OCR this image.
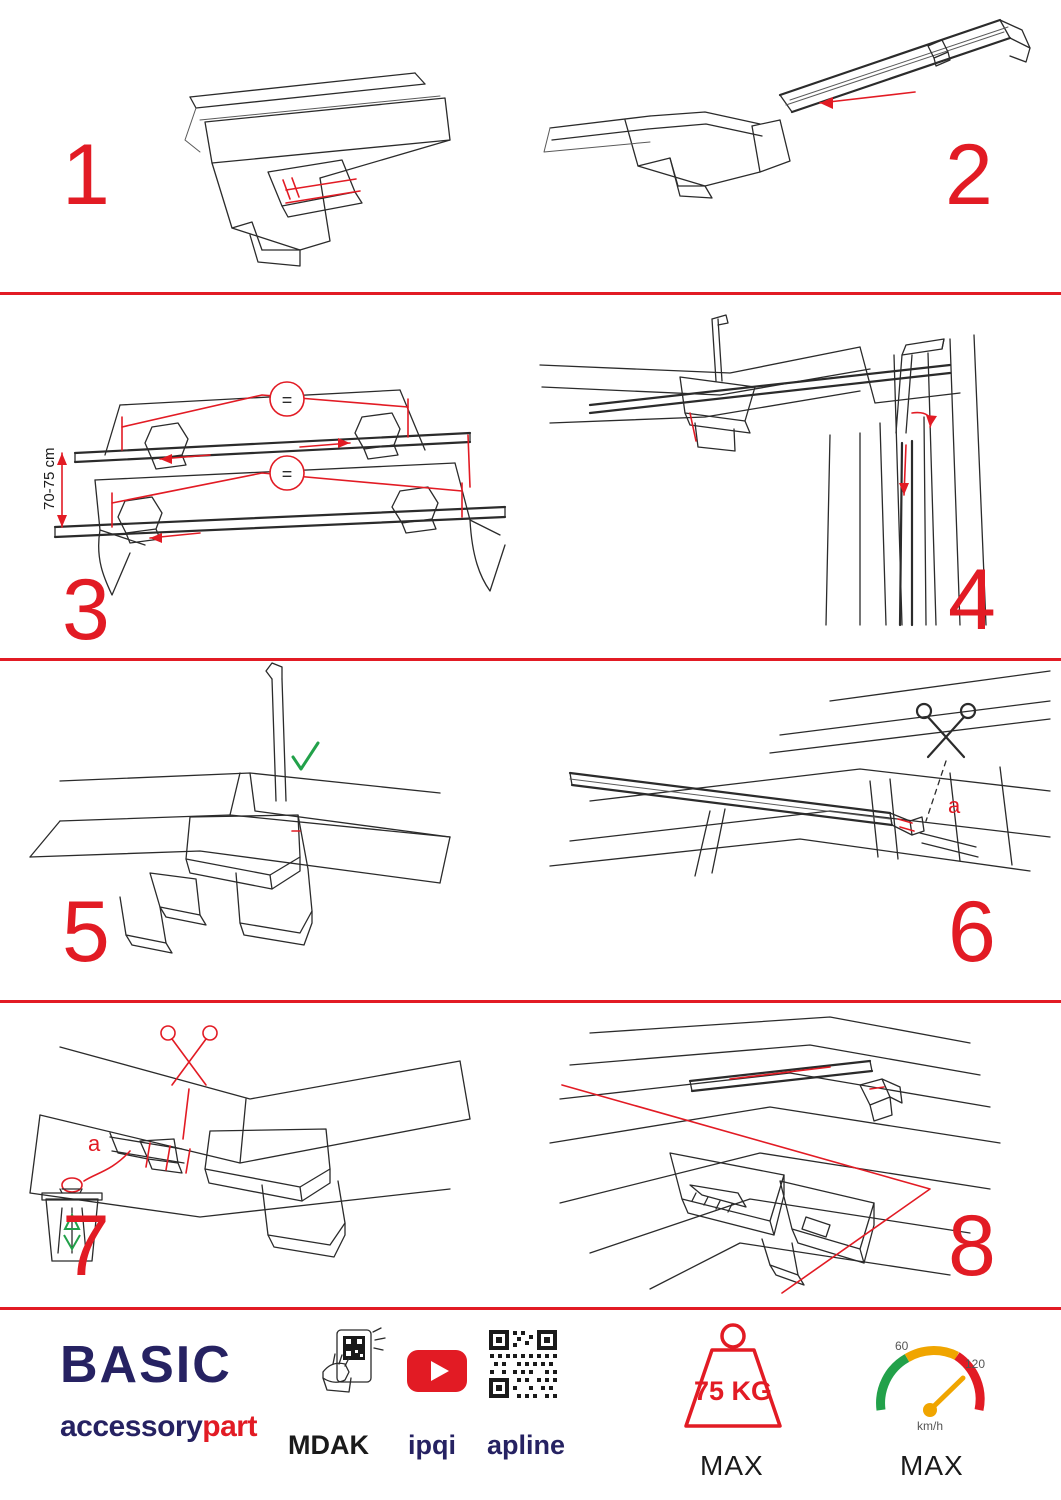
1	2
=
=
70-75 cm
3	4
5
a
6
a
7	8
BASIC
accessorypart
MDAK ipqi apline
75 KG
MAX
60
120
km/h
MAX
